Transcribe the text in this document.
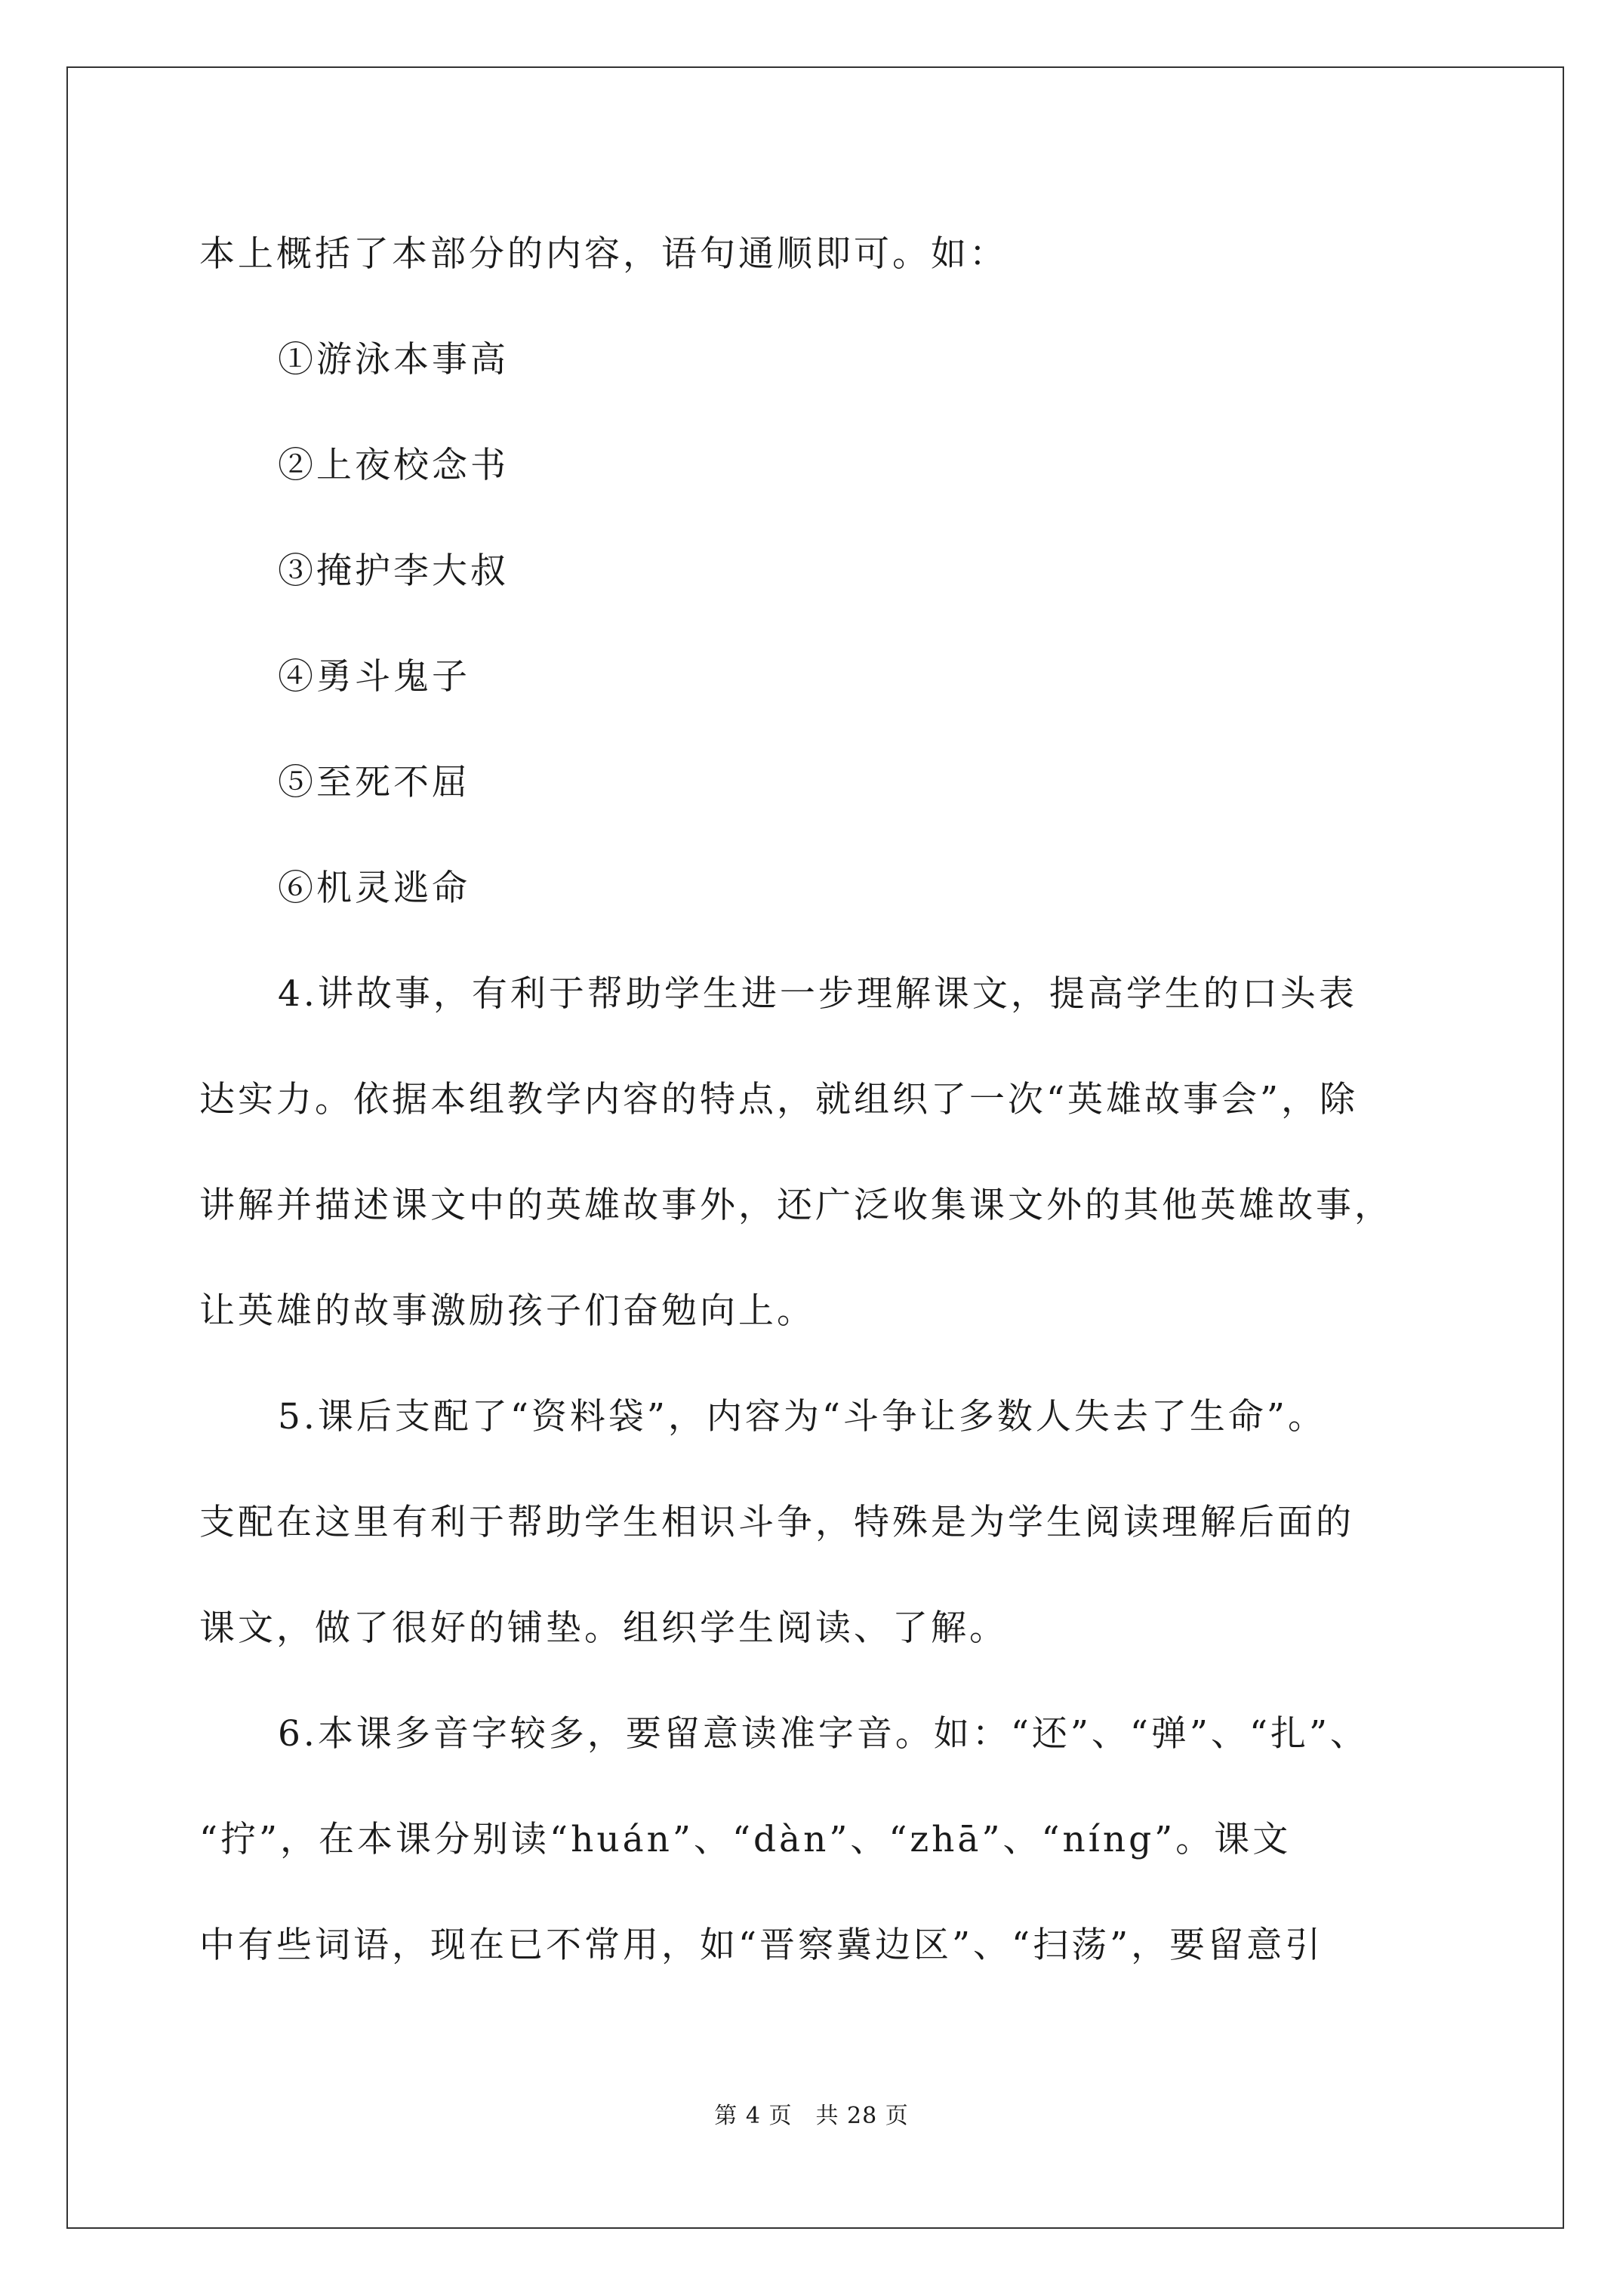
本上概括了本部分的内容，语句通顺即可。如：
①游泳本事高
②上夜校念书
③掩护李大叔
④勇斗鬼子
⑤至死不屈
⑥机灵逃命
4.讲故事，有利于帮助学生进一步理解课文，提高学生的口头表
达实力。依据本组教学内容的特点，就组织了一次“英雄故事会”，除
讲解并描述课文中的英雄故事外，还广泛收集课文外的其他英雄故事，
让英雄的故事激励孩子们奋勉向上。
5.课后支配了“资料袋”，内容为“斗争让多数人失去了生命”。
支配在这里有利于帮助学生相识斗争，特殊是为学生阅读理解后面的
课文，做了很好的铺垫。组织学生阅读、了解。
6.本课多音字较多，要留意读准字音。如：“还”、“弹”、“扎”、
“拧”，在本课分别读“huán”、“dàn”、“zhā”、“níng”。课文
中有些词语，现在已不常用，如“晋察冀边区”、“扫荡”，要留意引
第 4 页　共 28 页
